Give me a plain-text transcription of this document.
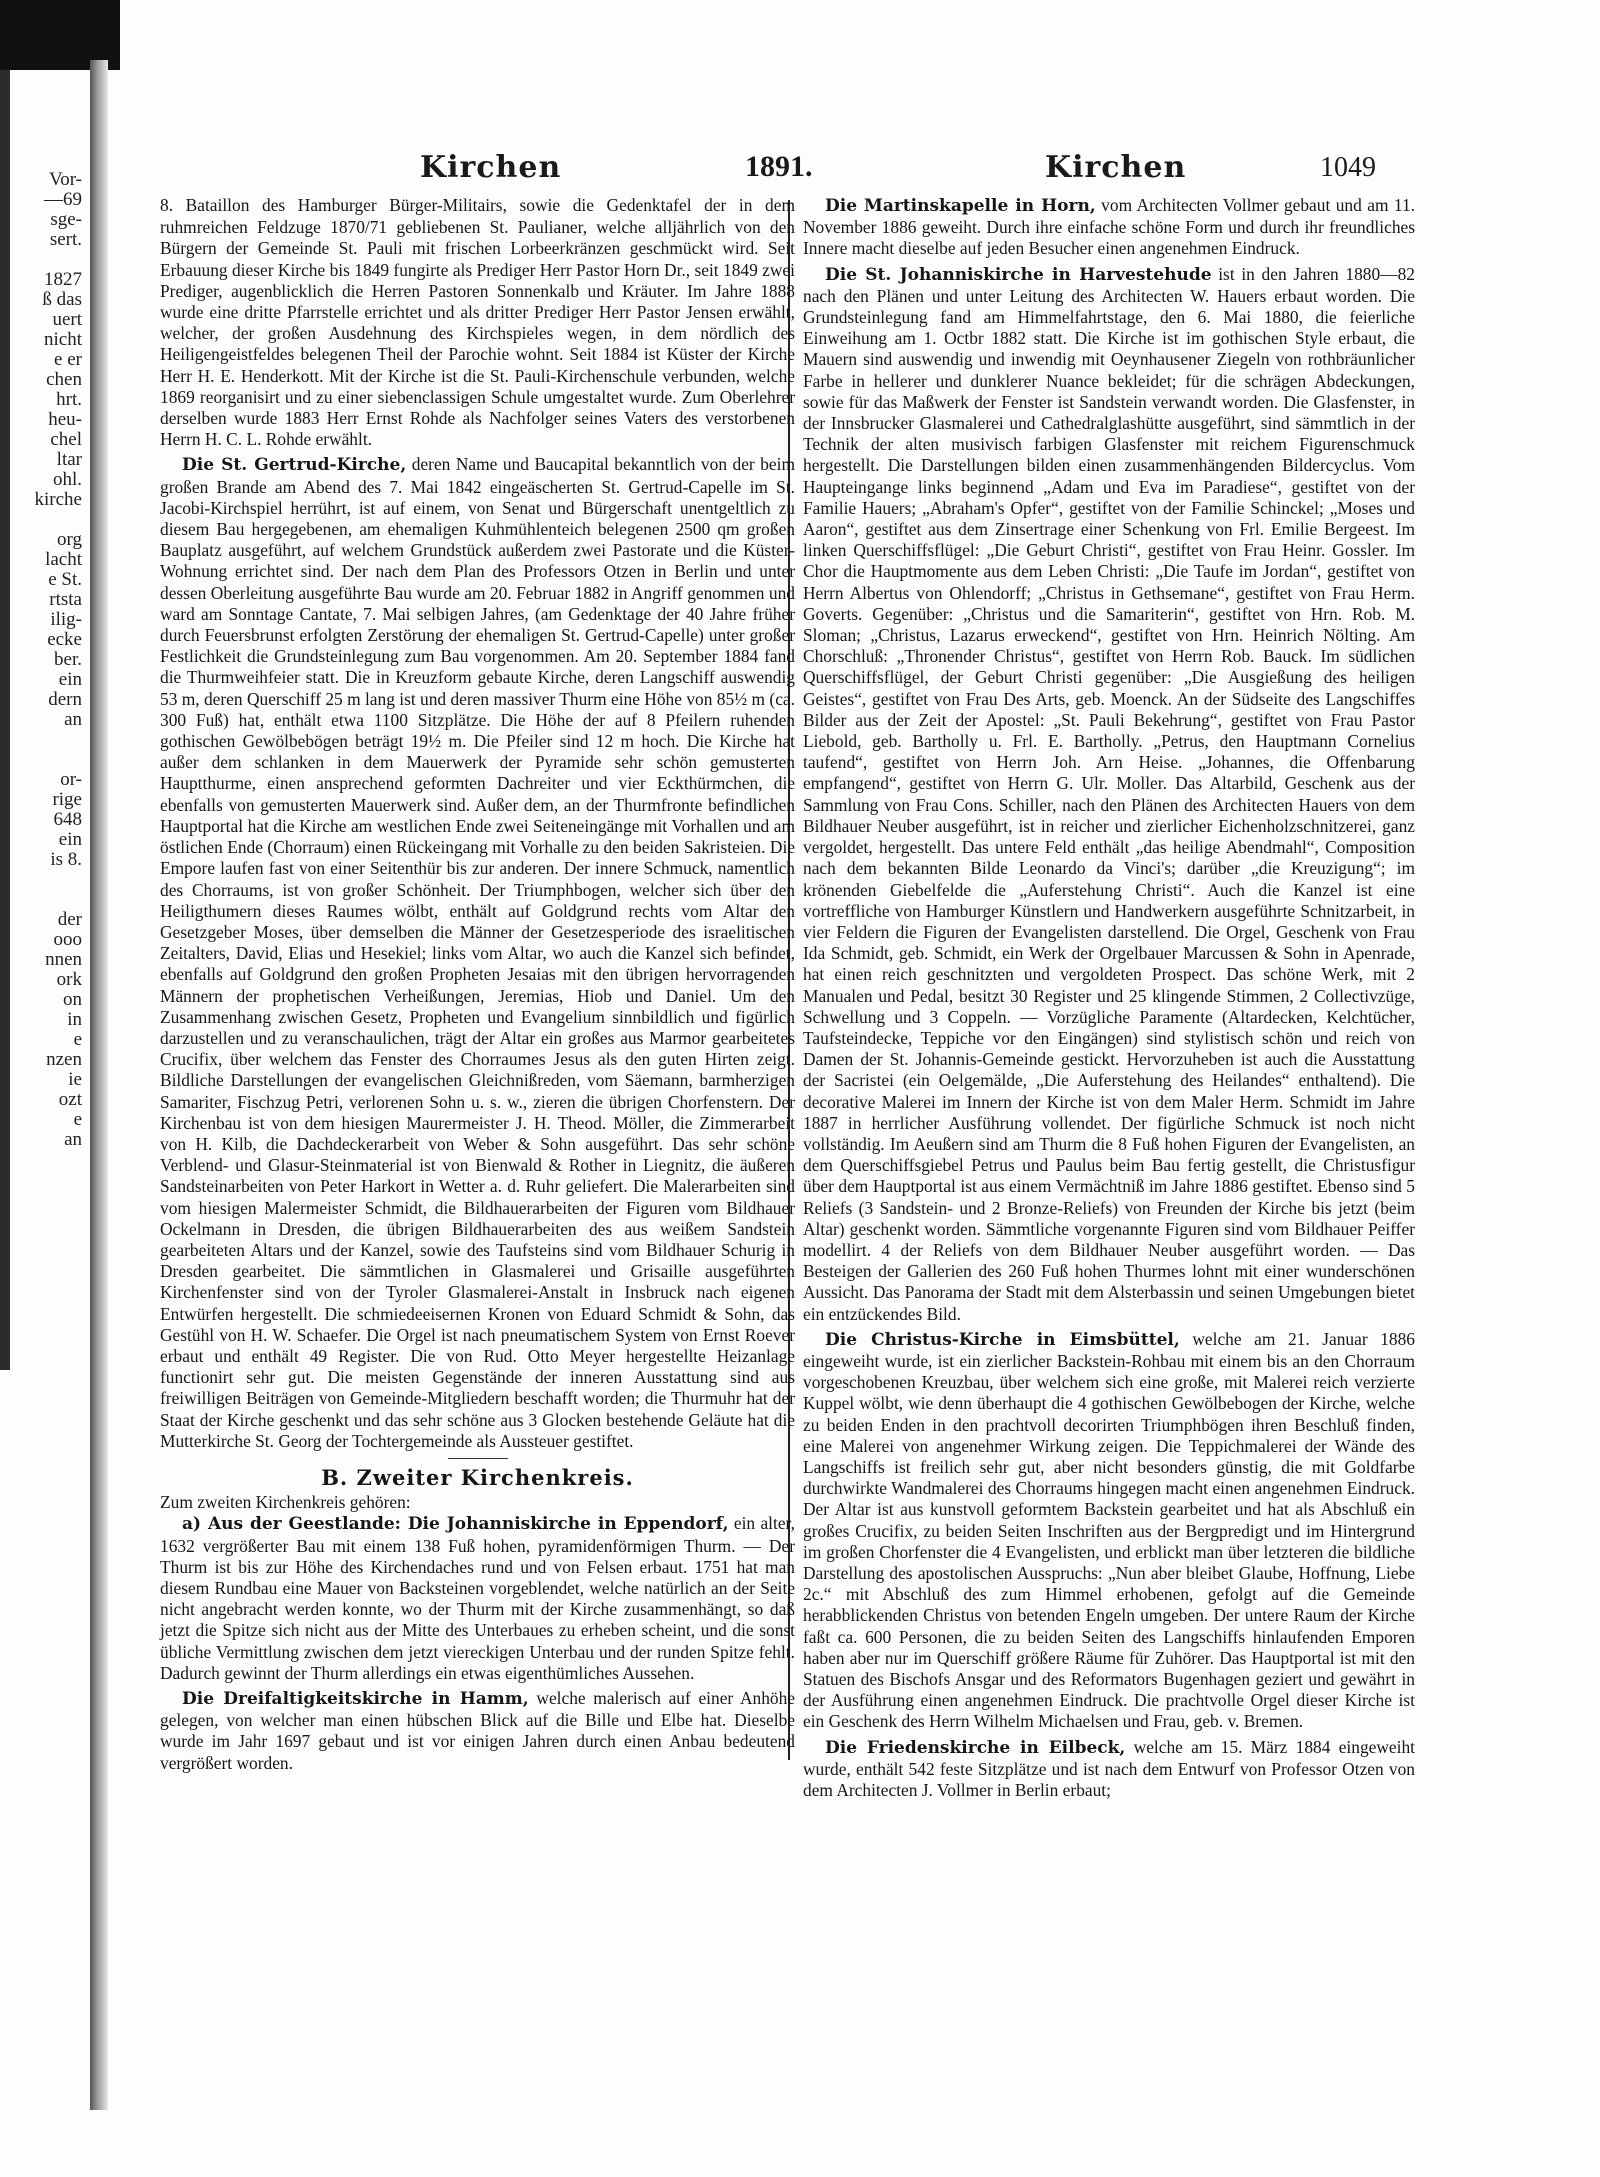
Vor-
—69
sge-
sert.
1827
ß das
uert
nicht
e er
chen
hrt.
heu-
chel
ltar
ohl.
kirche
org
lacht
e St.
rtsta
ilig-
ecke
ber.
ein
dern
an
or-
rige
648
ein
is 8.
der
ooo
nnen
ork
on
in
e
nzen
ie
ozt
e
an
Kirchen	1891.	Kirchen	1049

8. Bataillon des Hamburger Bürger-Militairs, sowie die Gedenktafel der in dem ruhmreichen Feldzuge 1870/71 gebliebenen St. Paulianer, welche alljährlich von den Bürgern der Gemeinde St. Pauli mit frischen Lorbeerkränzen geschmückt wird. Seit Erbauung dieser Kirche bis 1849 fungirte als Prediger Herr Pastor Horn Dr., seit 1849 zwei Prediger, augenblicklich die Herren Pastoren Sonnenkalb und Kräuter. Im Jahre 1888 wurde eine dritte Pfarrstelle errichtet und als dritter Prediger Herr Pastor Jensen erwählt, welcher, der großen Ausdehnung des Kirchspieles wegen, in dem nördlich des Heiligengeistfeldes belegenen Theil der Parochie wohnt. Seit 1884 ist Küster der Kirche Herr H. E. Henderkott. Mit der Kirche ist die St. Pauli-Kirchenschule verbunden, welche 1869 reorganisirt und zu einer siebenclassigen Schule umgestaltet wurde. Zum Oberlehrer derselben wurde 1883 Herr Ernst Rohde als Nachfolger seines Vaters des verstorbenen Herrn H. C. L. Rohde erwählt.

Die St. Gertrud-Kirche, deren Name und Baucapital bekanntlich von der beim großen Brande am Abend des 7. Mai 1842 eingeäscherten St. Gertrud-Capelle im St. Jacobi-Kirchspiel herrührt, ist auf einem, von Senat und Bürgerschaft unentgeltlich zu diesem Bau hergegebenen, am ehemaligen Kuhmühlenteich belegenen 2500 qm großen Bauplatz ausgeführt, auf welchem Grundstück außerdem zwei Pastorate und die Küster-Wohnung errichtet sind. Der nach dem Plan des Professors Otzen in Berlin und unter dessen Oberleitung ausgeführte Bau wurde am 20. Februar 1882 in Angriff genommen und ward am Sonntage Cantate, 7. Mai selbigen Jahres, (am Gedenktage der 40 Jahre früher durch Feuersbrunst erfolgten Zerstörung der ehemaligen St. Gertrud-Capelle) unter großer Festlichkeit die Grundsteinlegung zum Bau vorgenommen. Am 20. September 1884 fand die Thurmweihfeier statt. Die in Kreuzform gebaute Kirche, deren Langschiff auswendig 53 m, deren Querschiff 25 m lang ist und deren massiver Thurm eine Höhe von 85½ m (ca. 300 Fuß) hat, enthält etwa 1100 Sitzplätze. Die Höhe der auf 8 Pfeilern ruhenden gothischen Gewölbebögen beträgt 19½ m. Die Pfeiler sind 12 m hoch. Die Kirche hat außer dem schlanken in dem Mauerwerk der Pyramide sehr schön gemusterten Hauptthurme, einen ansprechend geformten Dachreiter und vier Eckthürmchen, die ebenfalls von gemusterten Mauerwerk sind. Außer dem, an der Thurmfronte befindlichen Hauptportal hat die Kirche am westlichen Ende zwei Seiteneingänge mit Vorhallen und am östlichen Ende (Chorraum) einen Rückeingang mit Vorhalle zu den beiden Sakristeien. Die Empore laufen fast von einer Seitenthür bis zur anderen. Der innere Schmuck, namentlich des Chorraums, ist von großer Schönheit. Der Triumphbogen, welcher sich über den Heiligthumern dieses Raumes wölbt, enthält auf Goldgrund rechts vom Altar den Gesetzgeber Moses, über demselben die Männer der Gesetzesperiode des israelitischen Zeitalters, David, Elias und Hesekiel; links vom Altar, wo auch die Kanzel sich befindet, ebenfalls auf Goldgrund den großen Propheten Jesaias mit den übrigen hervorragenden Männern der prophetischen Verheißungen, Jeremias, Hiob und Daniel. Um den Zusammenhang zwischen Gesetz, Propheten und Evangelium sinnbildlich und figürlich darzustellen und zu veranschaulichen, trägt der Altar ein großes aus Marmor gearbeitetes Crucifix, über welchem das Fenster des Chorraumes Jesus als den guten Hirten zeigt. Bildliche Darstellungen der evangelischen Gleichnißreden, vom Säemann, barmherzigen Samariter, Fischzug Petri, verlorenen Sohn u. s. w., zieren die übrigen Chorfenstern. Der Kirchenbau ist von dem hiesigen Maurermeister J. H. Theod. Möller, die Zimmerarbeit von H. Kilb, die Dachdeckerarbeit von Weber & Sohn ausgeführt. Das sehr schöne Verblend- und Glasur-Steinmaterial ist von Bienwald & Rother in Liegnitz, die äußeren Sandsteinarbeiten von Peter Harkort in Wetter a. d. Ruhr geliefert. Die Malerarbeiten sind vom hiesigen Malermeister Schmidt, die Bildhauerarbeiten der Figuren vom Bildhauer Ockelmann in Dresden, die übrigen Bildhauerarbeiten des aus weißem Sandstein gearbeiteten Altars und der Kanzel, sowie des Taufsteins sind vom Bildhauer Schurig in Dresden gearbeitet. Die sämmtlichen in Glasmalerei und Grisaille ausgeführten Kirchenfenster sind von der Tyroler Glasmalerei-Anstalt in Insbruck nach eigenen Entwürfen hergestellt. Die schmiedeeisernen Kronen von Eduard Schmidt & Sohn, das Gestühl von H. W. Schaefer. Die Orgel ist nach pneumatischem System von Ernst Roever erbaut und enthält 49 Register. Die von Rud. Otto Meyer hergestellte Heizanlage functionirt sehr gut. Die meisten Gegenstände der inneren Ausstattung sind aus freiwilligen Beiträgen von Gemeinde-Mitgliedern beschafft worden; die Thurmuhr hat der Staat der Kirche geschenkt und das sehr schöne aus 3 Glocken bestehende Geläute hat die Mutterkirche St. Georg der Tochtergemeinde als Aussteuer gestiftet.

B. Zweiter Kirchenkreis.

Zum zweiten Kirchenkreis gehören:

a) Aus der Geestlande: Die Johanniskirche in Eppendorf, ein alter, 1632 vergrößerter Bau mit einem 138 Fuß hohen, pyramidenförmigen Thurm. — Der Thurm ist bis zur Höhe des Kirchendaches rund und von Felsen erbaut. 1751 hat man diesem Rundbau eine Mauer von Backsteinen vorgeblendet, welche natürlich an der Seite nicht angebracht werden konnte, wo der Thurm mit der Kirche zusammenhängt, so daß jetzt die Spitze sich nicht aus der Mitte des Unterbaues zu erheben scheint, und die sonst übliche Vermittlung zwischen dem jetzt viereckigen Unterbau und der runden Spitze fehlt. Dadurch gewinnt der Thurm allerdings ein etwas eigenthümliches Aussehen.

Die Dreifaltigkeitskirche in Hamm, welche malerisch auf einer Anhöhe gelegen, von welcher man einen hübschen Blick auf die Bille und Elbe hat. Dieselbe wurde im Jahr 1697 gebaut und ist vor einigen Jahren durch einen Anbau bedeutend vergrößert worden.

Die Martinskapelle in Horn, vom Architecten Vollmer gebaut und am 11. November 1886 geweiht. Durch ihre einfache schöne Form und durch ihr freundliches Innere macht dieselbe auf jeden Besucher einen angenehmen Eindruck.

Die St. Johanniskirche in Harvestehude ist in den Jahren 1880—82 nach den Plänen und unter Leitung des Architecten W. Hauers erbaut worden. Die Grundsteinlegung fand am Himmelfahrtstage, den 6. Mai 1880, die feierliche Einweihung am 1. Octbr 1882 statt. Die Kirche ist im gothischen Style erbaut, die Mauern sind auswendig und inwendig mit Oeynhausener Ziegeln von rothbräunlicher Farbe in hellerer und dunklerer Nuance bekleidet; für die schrägen Abdeckungen, sowie für das Maßwerk der Fenster ist Sandstein verwandt worden. Die Glasfenster, in der Innsbrucker Glasmalerei und Cathedralglashütte ausgeführt, sind sämmtlich in der Technik der alten musivisch farbigen Glasfenster mit reichem Figurenschmuck hergestellt. Die Darstellungen bilden einen zusammenhängenden Bildercyclus. Vom Haupteingange links beginnend „Adam und Eva im Paradiese“, gestiftet von der Familie Hauers; „Abraham's Opfer“, gestiftet von der Familie Schinckel; „Moses und Aaron“, gestiftet aus dem Zinsertrage einer Schenkung von Frl. Emilie Bergeest. Im linken Querschiffsflügel: „Die Geburt Christi“, gestiftet von Frau Heinr. Gossler. Im Chor die Hauptmomente aus dem Leben Christi: „Die Taufe im Jordan“, gestiftet von Herrn Albertus von Ohlendorff; „Christus in Gethsemane“, gestiftet von Frau Herm. Goverts. Gegenüber: „Christus und die Samariterin“, gestiftet von Hrn. Rob. M. Sloman; „Christus, Lazarus erweckend“, gestiftet von Hrn. Heinrich Nölting. Am Chorschluß: „Thronender Christus“, gestiftet von Herrn Rob. Bauck. Im südlichen Querschiffsflügel, der Geburt Christi gegenüber: „Die Ausgießung des heiligen Geistes“, gestiftet von Frau Des Arts, geb. Moenck. An der Südseite des Langschiffes Bilder aus der Zeit der Apostel: „St. Pauli Bekehrung“, gestiftet von Frau Pastor Liebold, geb. Bartholly u. Frl. E. Bartholly. „Petrus, den Hauptmann Cornelius taufend“, gestiftet von Herrn Joh. Arn Heise. „Johannes, die Offenbarung empfangend“, gestiftet von Herrn G. Ulr. Moller. Das Altarbild, Geschenk aus der Sammlung von Frau Cons. Schiller, nach den Plänen des Architecten Hauers von dem Bildhauer Neuber ausgeführt, ist in reicher und zierlicher Eichenholzschnitzerei, ganz vergoldet, hergestellt. Das untere Feld enthält „das heilige Abendmahl“, Composition nach dem bekannten Bilde Leonardo da Vinci's; darüber „die Kreuzigung“; im krönenden Giebelfelde die „Auferstehung Christi“. Auch die Kanzel ist eine vortreffliche von Hamburger Künstlern und Handwerkern ausgeführte Schnitzarbeit, in vier Feldern die Figuren der Evangelisten darstellend. Die Orgel, Geschenk von Frau Ida Schmidt, geb. Schmidt, ein Werk der Orgelbauer Marcussen & Sohn in Apenrade, hat einen reich geschnitzten und vergoldeten Prospect. Das schöne Werk, mit 2 Manualen und Pedal, besitzt 30 Register und 25 klingende Stimmen, 2 Collectivzüge, Schwellung und 3 Coppeln. — Vorzügliche Paramente (Altardecken, Kelchtücher, Taufsteindecke, Teppiche vor den Eingängen) sind stylistisch schön und reich von Damen der St. Johannis-Gemeinde gestickt. Hervorzuheben ist auch die Ausstattung der Sacristei (ein Oelgemälde, „Die Auferstehung des Heilandes“ enthaltend). Die decorative Malerei im Innern der Kirche ist von dem Maler Herm. Schmidt im Jahre 1887 in herrlicher Ausführung vollendet. Der figürliche Schmuck ist noch nicht vollständig. Im Aeußern sind am Thurm die 8 Fuß hohen Figuren der Evangelisten, an dem Querschiffsgiebel Petrus und Paulus beim Bau fertig gestellt, die Christusfigur über dem Hauptportal ist aus einem Vermächtniß im Jahre 1886 gestiftet. Ebenso sind 5 Reliefs (3 Sandstein- und 2 Bronze-Reliefs) von Freunden der Kirche bis jetzt (beim Altar) geschenkt worden. Sämmtliche vorgenannte Figuren sind vom Bildhauer Peiffer modellirt. 4 der Reliefs von dem Bildhauer Neuber ausgeführt worden. — Das Besteigen der Gallerien des 260 Fuß hohen Thurmes lohnt mit einer wunderschönen Aussicht. Das Panorama der Stadt mit dem Alsterbassin und seinen Umgebungen bietet ein entzückendes Bild.

Die Christus-Kirche in Eimsbüttel, welche am 21. Januar 1886 eingeweiht wurde, ist ein zierlicher Backstein-Rohbau mit einem bis an den Chorraum vorgeschobenen Kreuzbau, über welchem sich eine große, mit Malerei reich verzierte Kuppel wölbt, wie denn überhaupt die 4 gothischen Gewölbebogen der Kirche, welche zu beiden Enden in den prachtvoll decorirten Triumphbögen ihren Beschluß finden, eine Malerei von angenehmer Wirkung zeigen. Die Teppichmalerei der Wände des Langschiffs ist freilich sehr gut, aber nicht besonders günstig, die mit Goldfarbe durchwirkte Wandmalerei des Chorraums hingegen macht einen angenehmen Eindruck. Der Altar ist aus kunstvoll geformtem Backstein gearbeitet und hat als Abschluß ein großes Crucifix, zu beiden Seiten Inschriften aus der Bergpredigt und im Hintergrund im großen Chorfenster die 4 Evangelisten, und erblickt man über letzteren die bildliche Darstellung des apostolischen Ausspruchs: „Nun aber bleibet Glaube, Hoffnung, Liebe 2c.“ mit Abschluß des zum Himmel erhobenen, gefolgt auf die Gemeinde herabblickenden Christus von betenden Engeln umgeben. Der untere Raum der Kirche faßt ca. 600 Personen, die zu beiden Seiten des Langschiffs hinlaufenden Emporen haben aber nur im Querschiff größere Räume für Zuhörer. Das Hauptportal ist mit den Statuen des Bischofs Ansgar und des Reformators Bugenhagen geziert und gewährt in der Ausführung einen angenehmen Eindruck. Die prachtvolle Orgel dieser Kirche ist ein Geschenk des Herrn Wilhelm Michaelsen und Frau, geb. v. Bremen.

Die Friedenskirche in Eilbeck, welche am 15. März 1884 eingeweiht wurde, enthält 542 feste Sitzplätze und ist nach dem Entwurf von Professor Otzen von dem Architecten J. Vollmer in Berlin erbaut;
